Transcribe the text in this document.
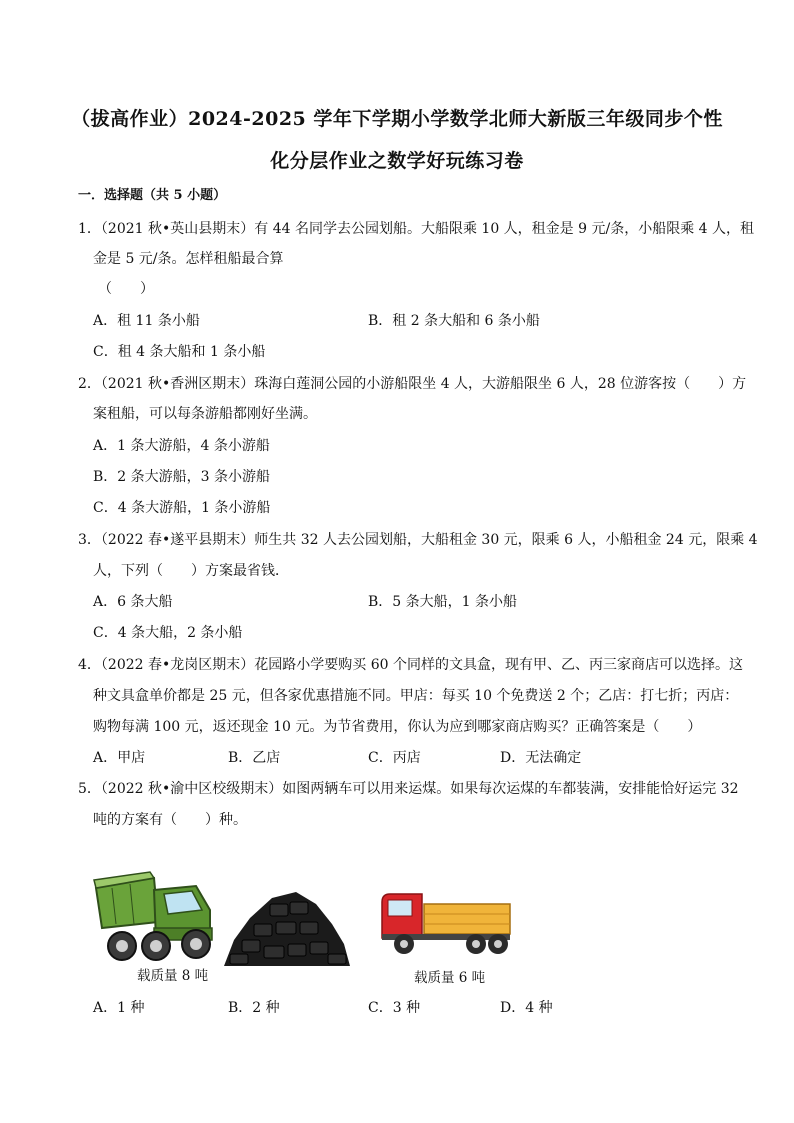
（拔高作业）2024-2025 学年下学期小学数学北师大新版三年级同步个性
化分层作业之数学好玩练习卷
一．选择题（共 5 小题）
1．（2021 秋•英山县期末）有 44 名同学去公园划船。大船限乘 10 人，租金是 9 元/条，小船限乘 4 人，租
金是 5 元/条。怎样租船最合算
（　　）
A．租 11 条小船	B．租 2 条大船和 6 条小船
C．租 4 条大船和 1 条小船
2．（2021 秋•香洲区期末）珠海白莲洞公园的小游船限坐 4 人，大游船限坐 6 人，28 位游客按（　　）方
案租船，可以每条游船都刚好坐满。
A．1 条大游船，4 条小游船
B．2 条大游船，3 条小游船
C．4 条大游船，1 条小游船
3．（2022 春•遂平县期末）师生共 32 人去公园划船，大船租金 30 元，限乘 6 人，小船租金 24 元，限乘 4
人，下列（　　）方案最省钱．
A．6 条大船	B．5 条大船，1 条小船
C．4 条大船，2 条小船
4．（2022 春•龙岗区期末）花园路小学要购买 60 个同样的文具盒，现有甲、乙、丙三家商店可以选择。这
种文具盒单价都是 25 元，但各家优惠措施不同。甲店：每买 10 个免费送 2 个；乙店：打七折；丙店：
购物每满 100 元，返还现金 10 元。为节省费用，你认为应到哪家商店购买？正确答案是（　　）
A．甲店	B．乙店	C．丙店	D．无法确定
5．（2022 秋•渝中区校级期末）如图两辆车可以用来运煤。如果每次运煤的车都装满，安排能恰好运完 32
吨的方案有（　　）种。
载质量 8 吨	载质量 6 吨
A．1 种	B．2 种	C．3 种	D．4 种
